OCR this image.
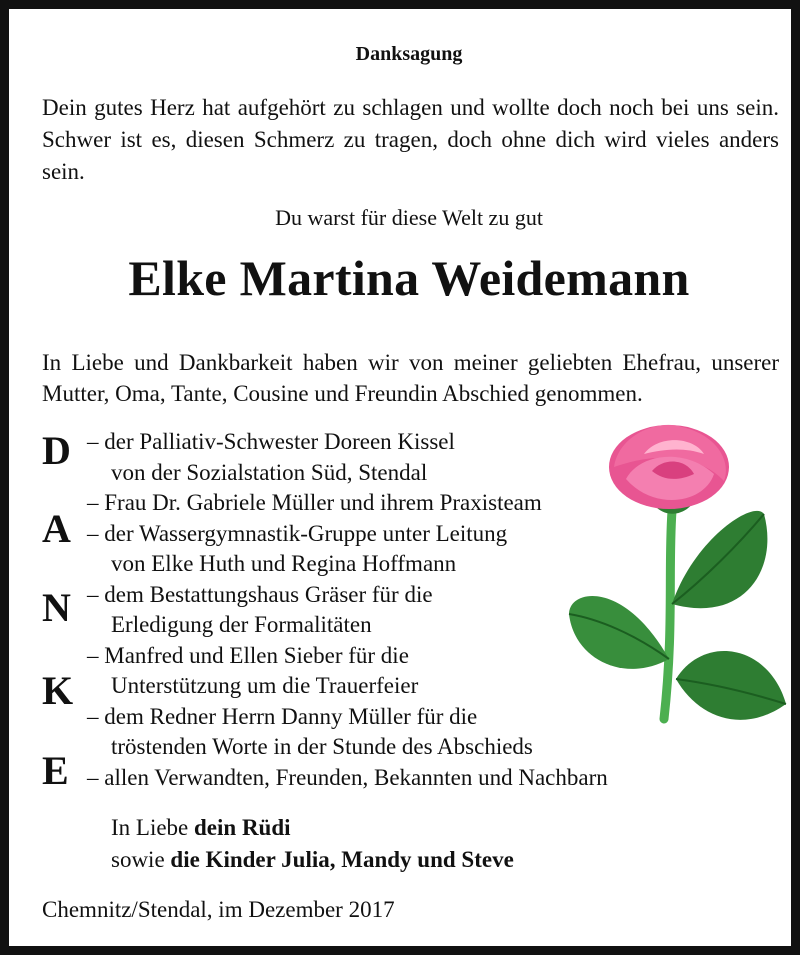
Danksagung
Dein gutes Herz hat aufgehört zu schlagen und wollte doch noch bei uns sein. Schwer ist es, diesen Schmerz zu tragen, doch ohne dich wird vieles anders sein.
Du warst für diese Welt zu gut
Elke Martina Weidemann
In Liebe und Dankbarkeit haben wir von meiner geliebten Ehefrau, unserer Mutter, Oma, Tante, Cousine und Freundin Abschied genommen.
D
A
N
K
E
– der Palliativ-Schwester Doreen Kissel
von der Sozialstation Süd, Stendal
– Frau Dr. Gabriele Müller und ihrem Praxisteam
– der Wassergymnastik-Gruppe unter Leitung
von Elke Huth und Regina Hoffmann
– dem Bestattungshaus Gräser für die
Erledigung der Formalitäten
– Manfred und Ellen Sieber für die
Unterstützung um die Trauerfeier
– dem Redner Herrn Danny Müller für die
tröstenden Worte in der Stunde des Abschieds
– allen Verwandten, Freunden, Bekannten und Nachbarn
In Liebe dein Rüdi
sowie die Kinder Julia, Mandy und Steve
Chemnitz/Stendal, im Dezember 2017
